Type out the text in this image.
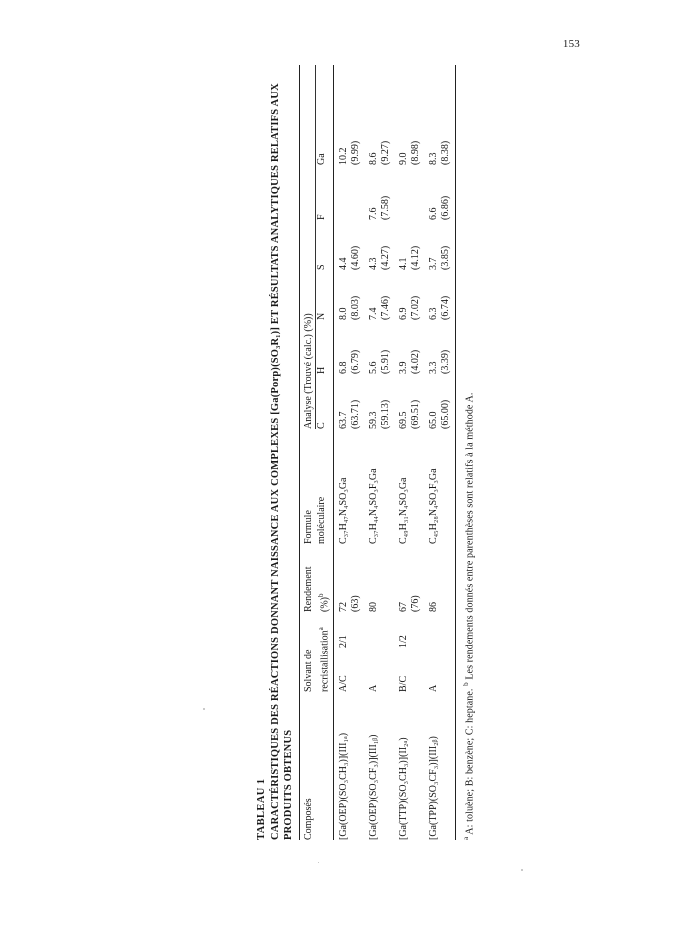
153
TABLEAU 1 CARACTÉRISTIQUES DES RÉACTIONS DONNANT NAISSANCE AUX COMPLEXES [Ga(Porp)(SO₃R₁)] ET RÉSULTATS ANALYTIQUES RELATIFS AUX PRODUITS OBTENUS Composés	Solvant de		Rendement	Formule	Analyse (Trouvé (calc.) (%))					

	recristallisation$^a$		(%)$^b$	moléculaire	C	H	N	S	F	Ga
[Ga(OEP)(SO₃CH₃)](III₁ₐ)	A/C	2/1	72	C₃₇H₄₇N₄SO₃Ga	63.7	6.8	8.0	4.4		10.2
			(63)		(63.71)	(6.79)	(8.03)	(4.60)		(9.99)
[Ga(OEP)(SO₃CF₃)](III₁ᵦ)	A		80	C₃₇H₄₄N₄SO₃F₃Ga	59.3	5.6	7.4	4.3	7.6	8.6
					(59.13)	(5.91)	(7.46)	(4.27)	(7.58)	(9.27)
[Ga(TTP)(SO₃CH₃)](II₂ₐ)	B/C	1/2	67	C₄₉H₃₁N₄SO₃Ga	69.5	3.9	6.9	4.1		9.0
			(76)		(69.51)	(4.02)	(7.02)	(4.12)		(8.98)
[Ga(TPP)(SO₃CF₃)](III₂ᵦ)	A		86	C₄₅H₂₈N₄SO₃F₃Ga	65.0	3.3	6.3	3.7	6.6	8.3
					(65.00)	(3.39)	(6.74)	(3.85)	(6.86)	(8.38)
$^a$ A: toluène; B: benzène; C: heptane. $^b$ Les rendements donnés entre parenthèses sont relatifs à la méthode A.
